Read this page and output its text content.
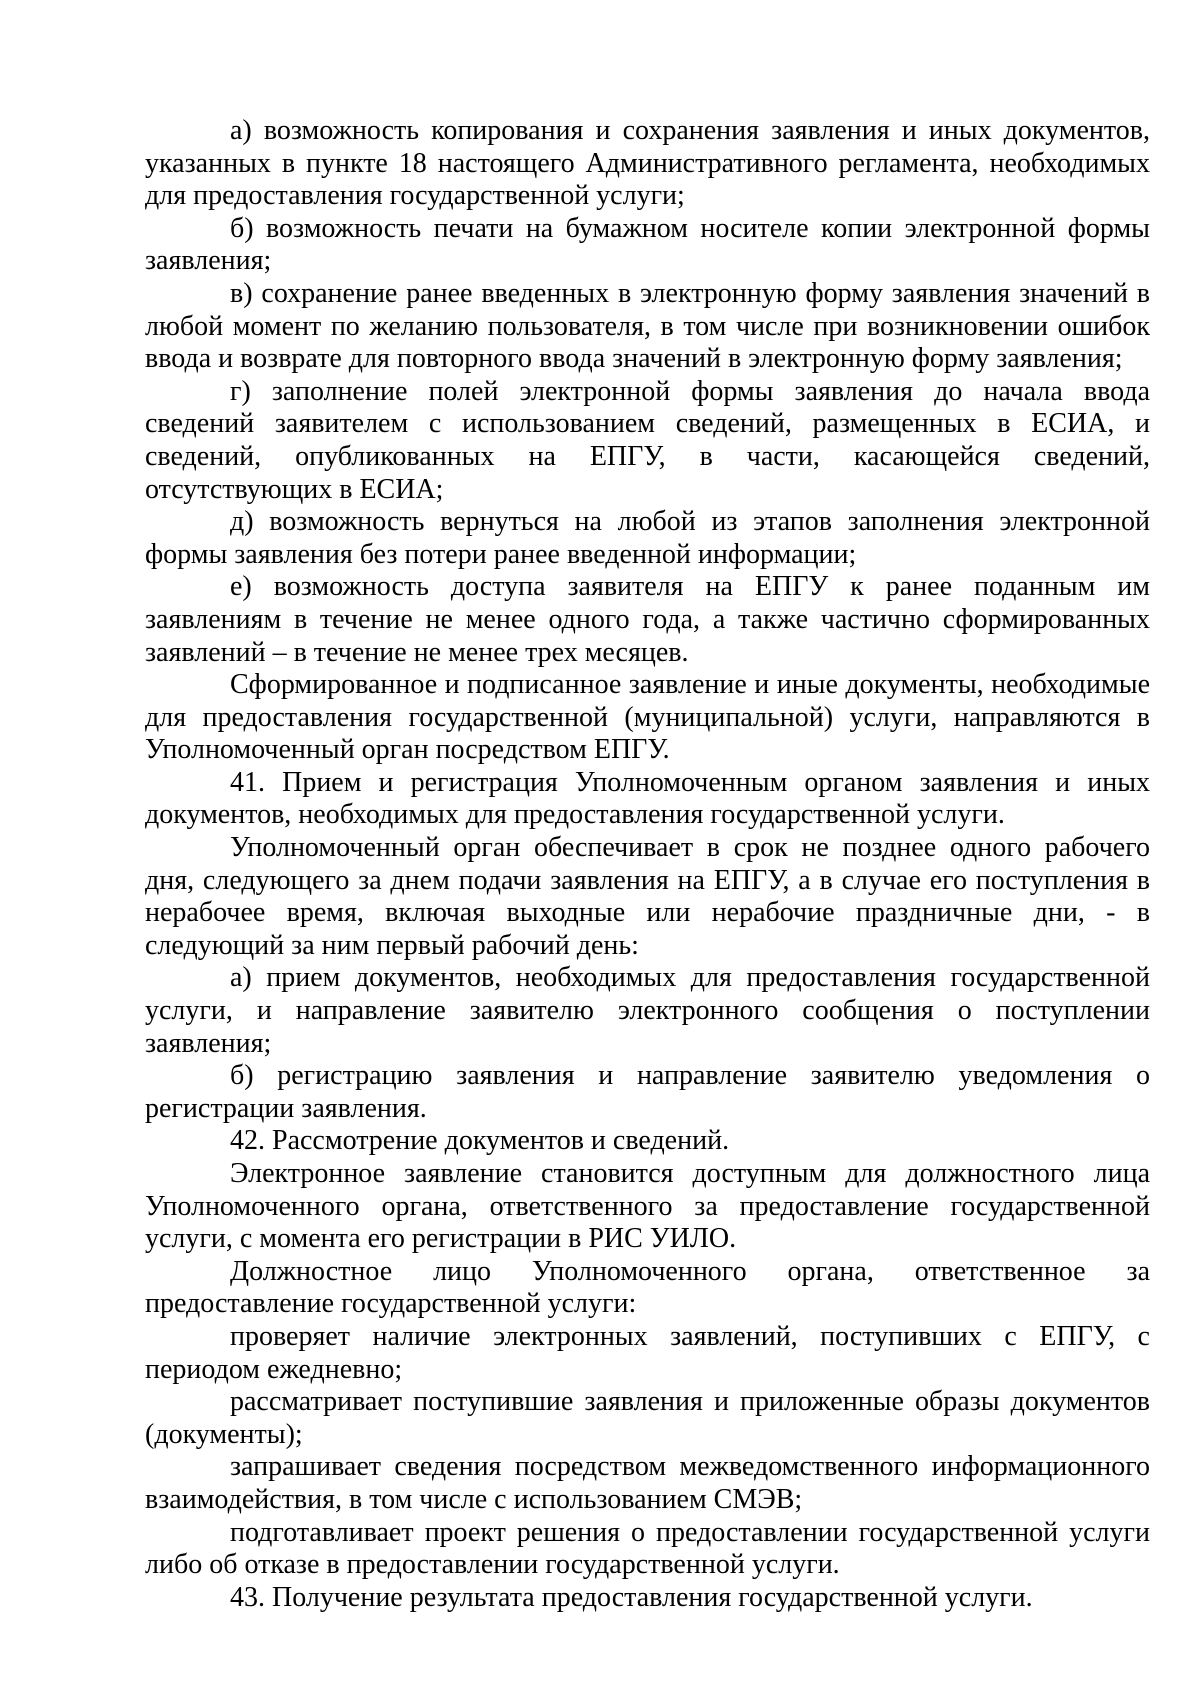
а) возможность копирования и сохранения заявления и иных документов, указанных в пункте 18 настоящего Административного регламента, необходимых для предоставления государственной услуги;

б) возможность печати на бумажном носителе копии электронной формы заявления;

в) сохранение ранее введенных в электронную форму заявления значений в любой момент по желанию пользователя, в том числе при возникновении ошибок ввода и возврате для повторного ввода значений в электронную форму заявления;

г) заполнение полей электронной формы заявления до начала ввода сведений заявителем с использованием сведений, размещенных в ЕСИА, и сведений, опубликованных на ЕПГУ, в части, касающейся сведений, отсутствующих в ЕСИА;

д) возможность вернуться на любой из этапов заполнения электронной формы заявления без потери ранее введенной информации;

е) возможность доступа заявителя на ЕПГУ к ранее поданным им заявлениям в течение не менее одного года, а также частично сформированных заявлений – в течение не менее трех месяцев.

Сформированное и подписанное заявление и иные документы, необходимые для предоставления государственной (муниципальной) услуги, направляются в Уполномоченный орган посредством ЕПГУ.

41. Прием и регистрация Уполномоченным органом заявления и иных документов, необходимых для предоставления государственной услуги.

Уполномоченный орган обеспечивает в срок не позднее одного рабочего дня, следующего за днем подачи заявления на ЕПГУ, а в случае его поступления в нерабочее время, включая выходные или нерабочие праздничные дни, - в следующий за ним первый рабочий день:

а) прием документов, необходимых для предоставления государственной услуги, и направление заявителю электронного сообщения о поступлении заявления;

б) регистрацию заявления и направление заявителю уведомления о регистрации заявления.

42. Рассмотрение документов и сведений.

Электронное заявление становится доступным для должностного лица Уполномоченного органа, ответственного за предоставление государственной услуги, с момента его регистрации в РИС УИЛО.

Должностное лицо Уполномоченного органа, ответственное за предоставление государственной услуги:

проверяет наличие электронных заявлений, поступивших с ЕПГУ, с периодом ежедневно;

рассматривает поступившие заявления и приложенные образы документов (документы);

запрашивает сведения посредством межведомственного информационного взаимодействия, в том числе с использованием СМЭВ;

подготавливает проект решения о предоставлении государственной услуги либо об отказе в предоставлении государственной услуги.

43. Получение результата предоставления государственной услуги.
